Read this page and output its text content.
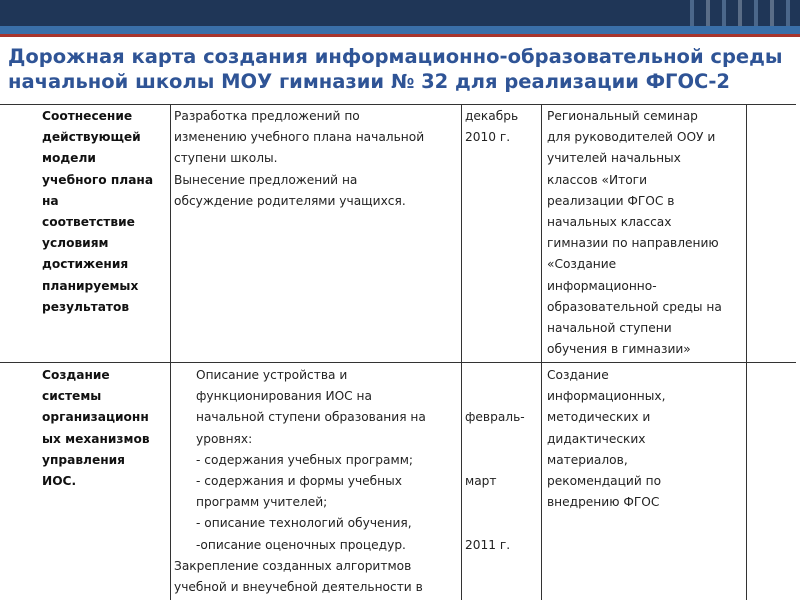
Дорожная карта создания информационно-образовательной среды
начальной школы МОУ гимназии № 32 для реализации ФГОС-2
Соотнесение
действующей
модели
учебного плана
на
соответствие
условиям
достижения
планируемых
результатов
Разработка предложений по
изменению учебного плана начальной
ступени школы.
Вынесение предложений на
обсуждение родителями учащихся.
декабрь
2010 г.
Региональный семинар
для руководителей ООУ и
учителей начальных
классов «Итоги
реализации ФГОС в
начальных классах
гимназии по направлению
«Создание
информационно-
образовательной среды на
начальной ступени
обучения в гимназии»
Создание
системы
организационн
ых механизмов
управления
ИОС.
Описание устройства и
функционирования ИОС на
начальной ступени образования на
уровнях:
- содержания учебных программ;
- содержания и формы учебных
программ учителей;
- описание технологий обучения,
-описание оценочных процедур.
Закрепление созданных алгоритмов
учебной и внеучебной деятельности в

февраль-

март

2011 г.

Создание
информационных,
методических и
дидактических
материалов,
рекомендаций по
внедрению ФГОС
